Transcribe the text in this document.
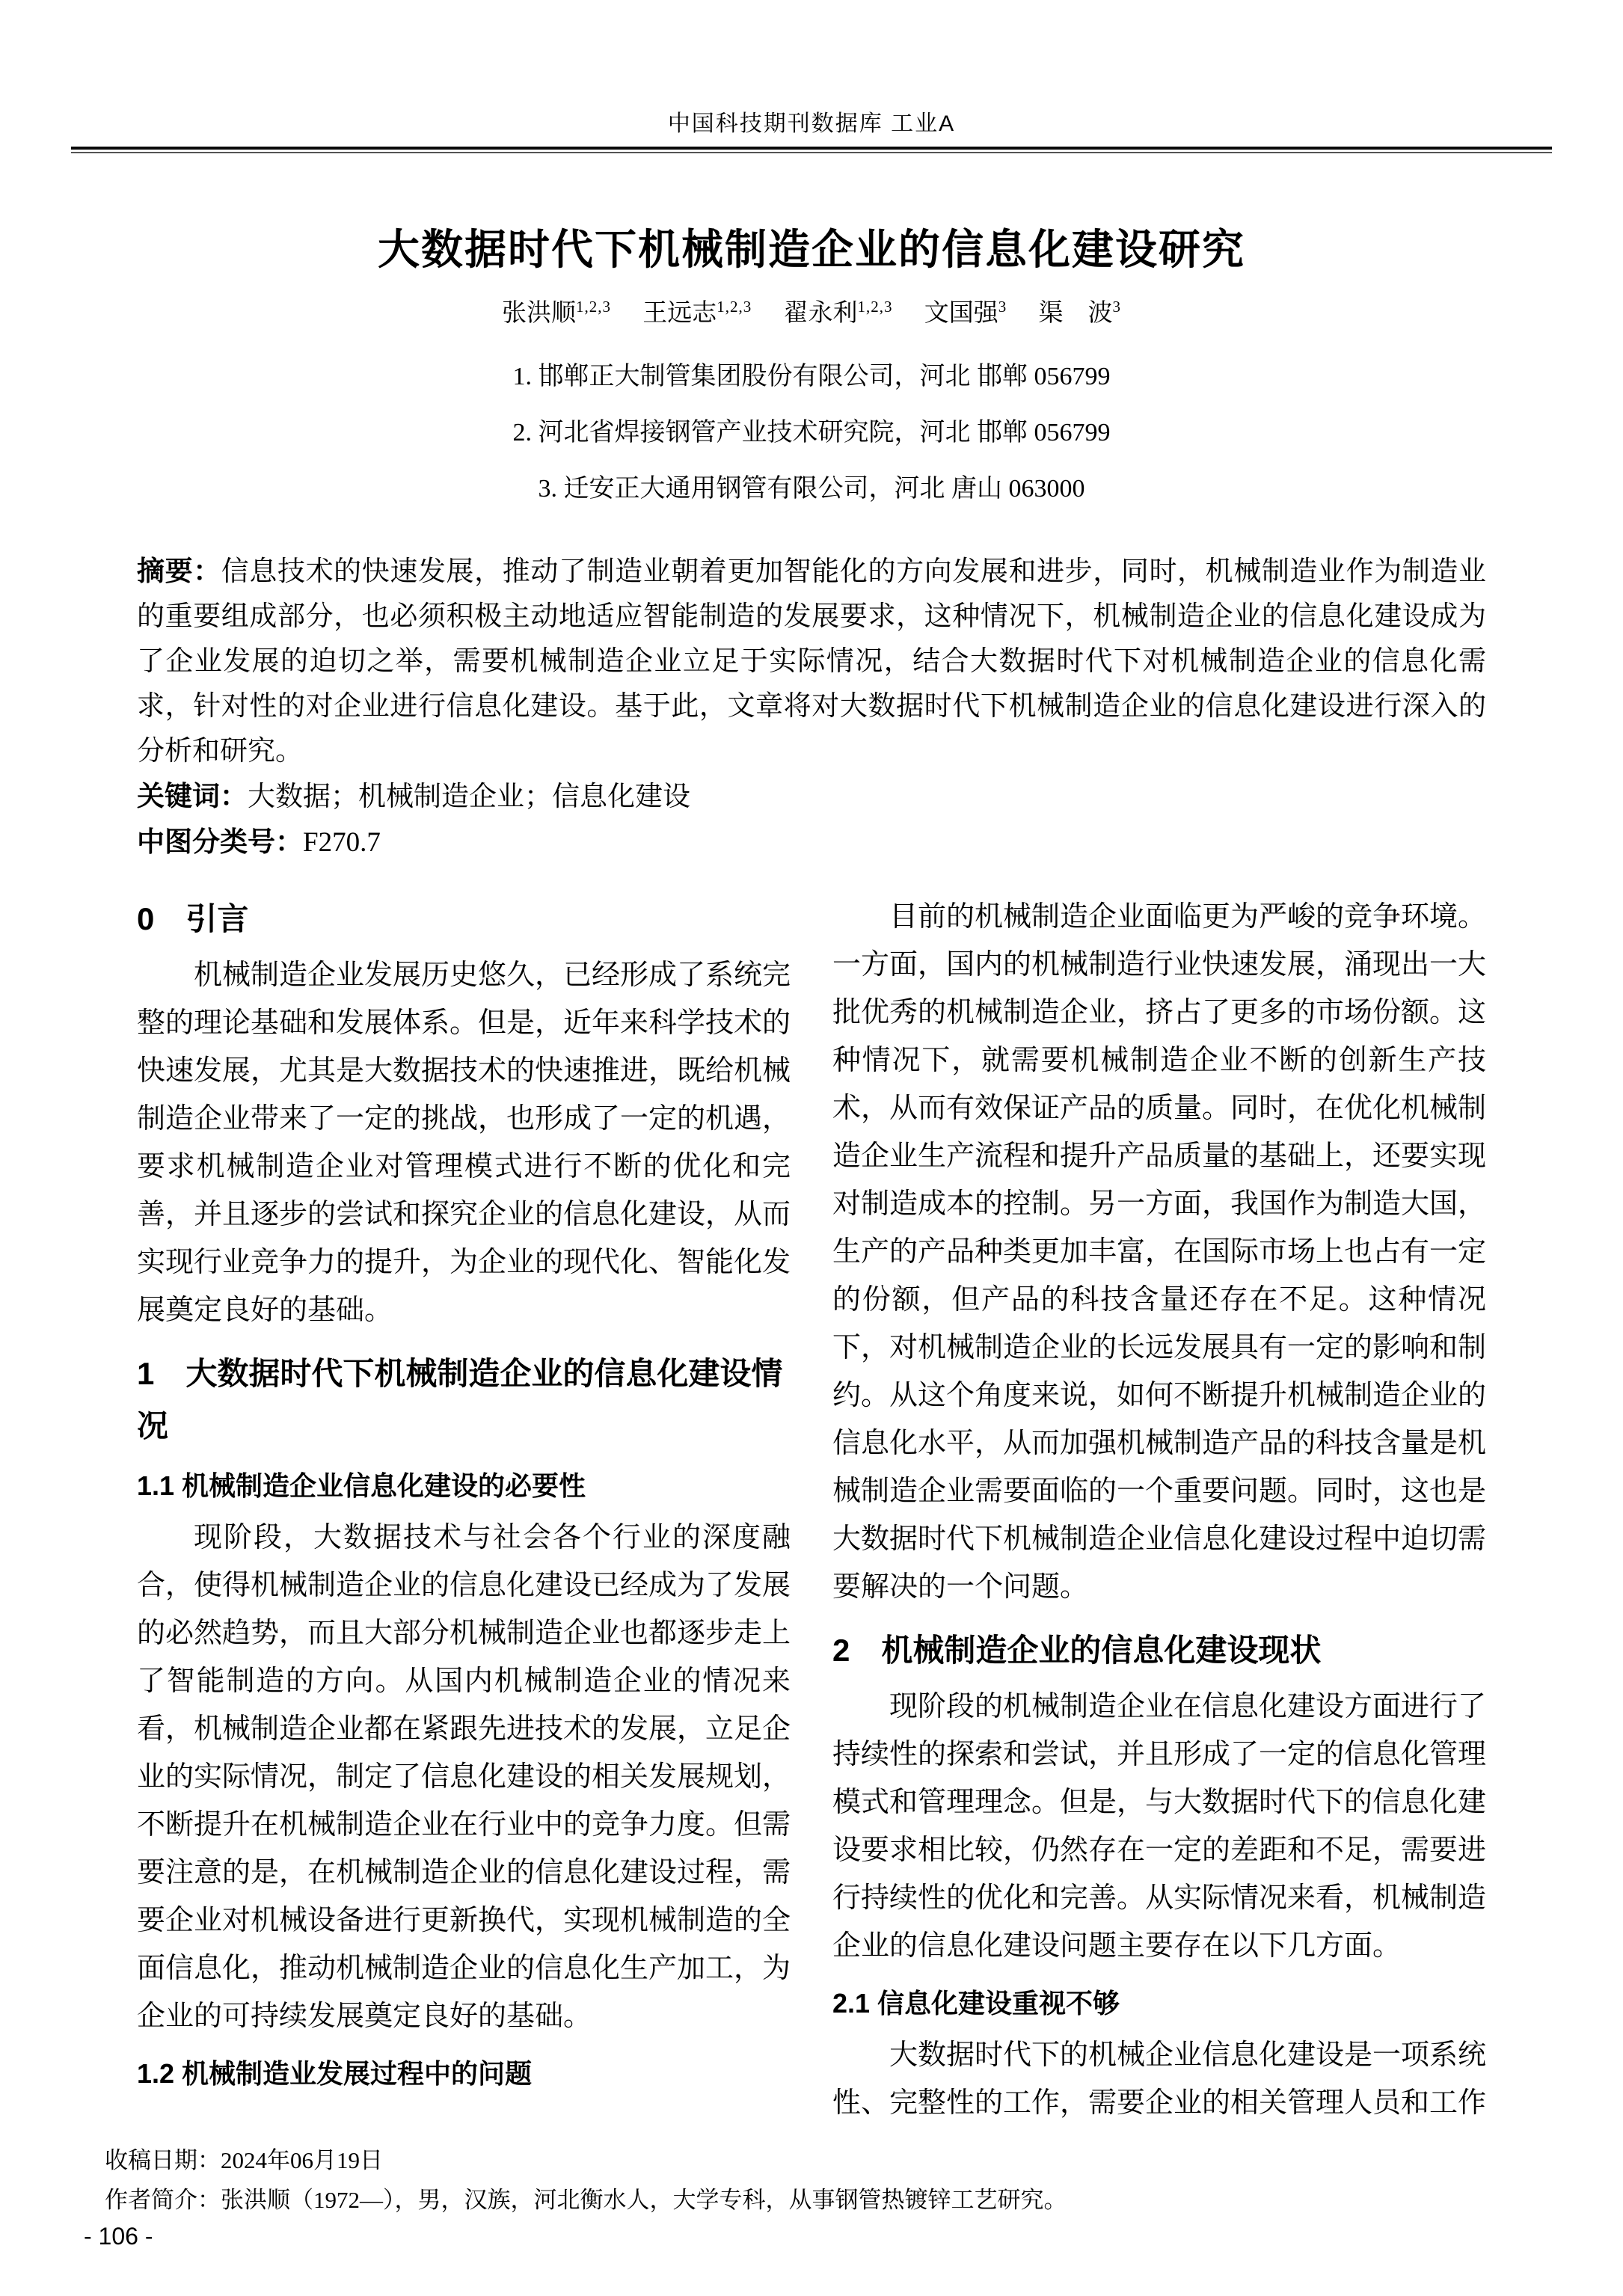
中国科技期刊数据库 工业A
大数据时代下机械制造企业的信息化建设研究
张洪顺$^{1,2,3}$ 王远志$^{1,2,3}$ 翟永利$^{1,2,3}$ 文国强$^3$ 渠　波$^3$
1. 邯郸正大制管集团股份有限公司，河北 邯郸 056799
2. 河北省焊接钢管产业技术研究院，河北 邯郸 056799
3. 迁安正大通用钢管有限公司，河北 唐山 063000

摘要：信息技术的快速发展，推动了制造业朝着更加智能化的方向发展和进步，同时，机械制造业作为制造业的重要组成部分，也必须积极主动地适应智能制造的发展要求，这种情况下，机械制造企业的信息化建设成为了企业发展的迫切之举，需要机械制造企业立足于实际情况，结合大数据时代下对机械制造企业的信息化需求，针对性的对企业进行信息化建设。基于此，文章将对大数据时代下机械制造企业的信息化建设进行深入的分析和研究。

关键词：大数据；机械制造企业；信息化建设

中图分类号：F270.7

0　引言

机械制造企业发展历史悠久，已经形成了系统完整的理论基础和发展体系。但是，近年来科学技术的快速发展，尤其是大数据技术的快速推进，既给机械制造企业带来了一定的挑战，也形成了一定的机遇，要求机械制造企业对管理模式进行不断的优化和完善，并且逐步的尝试和探究企业的信息化建设，从而实现行业竞争力的提升，为企业的现代化、智能化发展奠定良好的基础。

1　大数据时代下机械制造企业的信息化建设情况
1.1 机械制造企业信息化建设的必要性

现阶段，大数据技术与社会各个行业的深度融合，使得机械制造企业的信息化建设已经成为了发展的必然趋势，而且大部分机械制造企业也都逐步走上了智能制造的方向。从国内机械制造企业的情况来看，机械制造企业都在紧跟先进技术的发展，立足企业的实际情况，制定了信息化建设的相关发展规划，不断提升在机械制造企业在行业中的竞争力度。但需要注意的是，在机械制造企业的信息化建设过程，需要企业对机械设备进行更新换代，实现机械制造的全面信息化，推动机械制造企业的信息化生产加工，为企业的可持续发展奠定良好的基础。

1.2 机械制造业发展过程中的问题

目前的机械制造企业面临更为严峻的竞争环境。一方面，国内的机械制造行业快速发展，涌现出一大批优秀的机械制造企业，挤占了更多的市场份额。这种情况下，就需要机械制造企业不断的创新生产技术，从而有效保证产品的质量。同时，在优化机械制造企业生产流程和提升产品质量的基础上，还要实现对制造成本的控制。另一方面，我国作为制造大国，生产的产品种类更加丰富，在国际市场上也占有一定的份额，但产品的科技含量还存在不足。这种情况下，对机械制造企业的长远发展具有一定的影响和制约。从这个角度来说，如何不断提升机械制造企业的信息化水平，从而加强机械制造产品的科技含量是机械制造企业需要面临的一个重要问题。同时，这也是大数据时代下机械制造企业信息化建设过程中迫切需要解决的一个问题。

2　机械制造企业的信息化建设现状

现阶段的机械制造企业在信息化建设方面进行了持续性的探索和尝试，并且形成了一定的信息化管理模式和管理理念。但是，与大数据时代下的信息化建设要求相比较，仍然存在一定的差距和不足，需要进行持续性的优化和完善。从实际情况来看，机械制造企业的信息化建设问题主要存在以下几方面。

2.1 信息化建设重视不够

大数据时代下的机械企业信息化建设是一项系统性、完整性的工作，需要企业的相关管理人员和工作

收稿日期：2024年06月19日

作者简介：张洪顺（1972—），男，汉族，河北衡水人，大学专科，从事钢管热镀锌工艺研究。

- 106 -
